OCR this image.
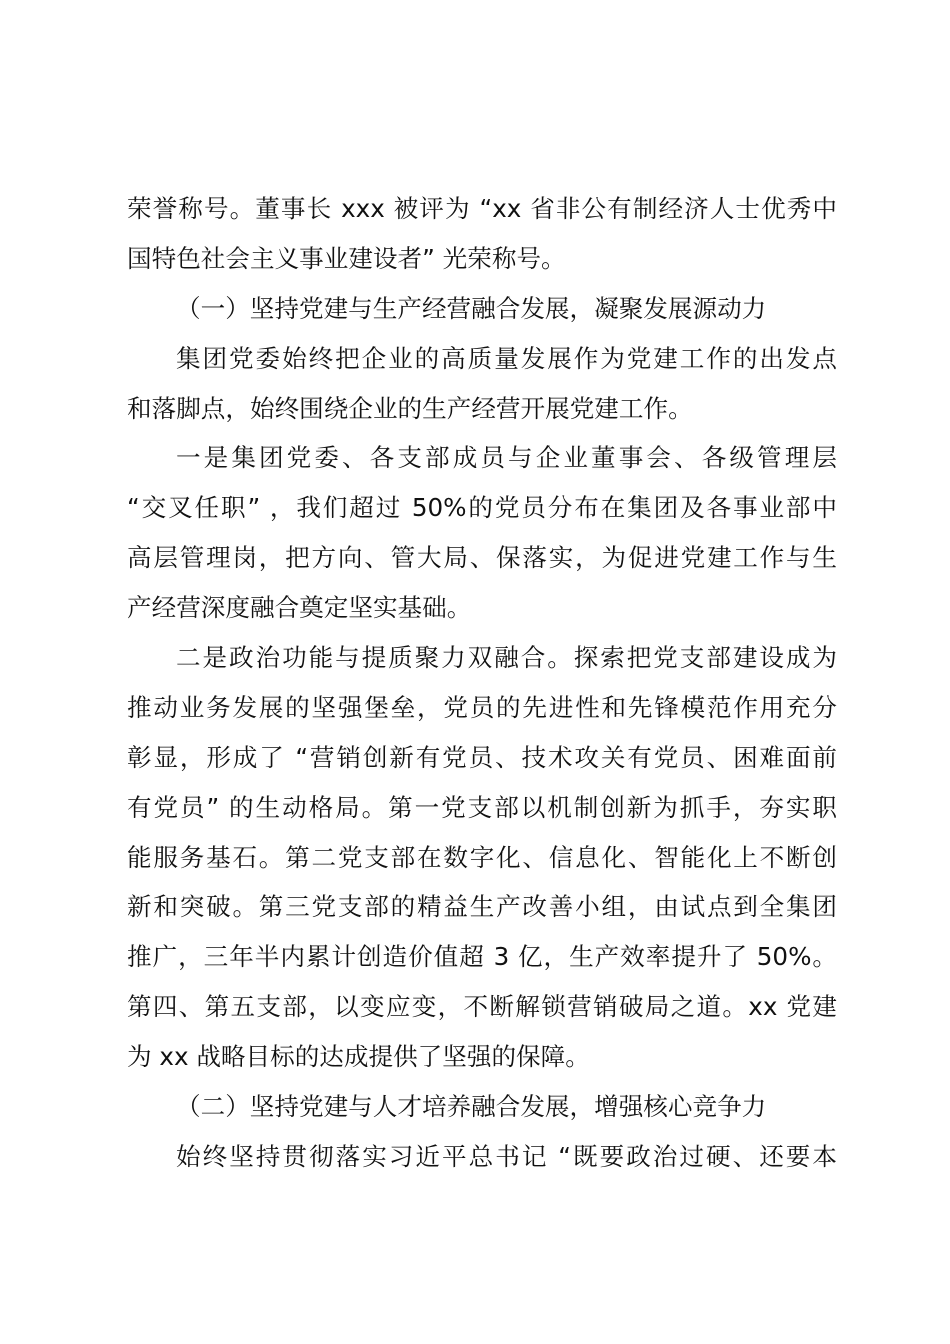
荣誉称号。董事长 xxx 被评为 “xx 省非公有制经济人士优秀中
国特色社会主义事业建设者” 光荣称号。

（一）坚持党建与生产经营融合发展，凝聚发展源动力

集团党委始终把企业的高质量发展作为党建工作的出发点
和落脚点，始终围绕企业的生产经营开展党建工作。

一是集团党委、各支部成员与企业董事会、各级管理层
“交叉任职” ，我们超过 50%的党员分布在集团及各事业部中
高层管理岗，把方向、管大局、保落实，为促进党建工作与生
产经营深度融合奠定坚实基础。

二是政治功能与提质聚力双融合。探索把党支部建设成为
推动业务发展的坚强堡垒，党员的先进性和先锋模范作用充分
彰显，形成了 “营销创新有党员、技术攻关有党员、困难面前
有党员” 的生动格局。第一党支部以机制创新为抓手，夯实职
能服务基石。第二党支部在数字化、信息化、智能化上不断创
新和突破。第三党支部的精益生产改善小组，由试点到全集团
推广，三年半内累计创造价值超 3 亿，生产效率提升了 50%。
第四、第五支部，以变应变，不断解锁营销破局之道。xx 党建
为 xx 战略目标的达成提供了坚强的保障。

（二）坚持党建与人才培养融合发展，增强核心竞争力

始终坚持贯彻落实习近平总书记 “既要政治过硬、还要本
